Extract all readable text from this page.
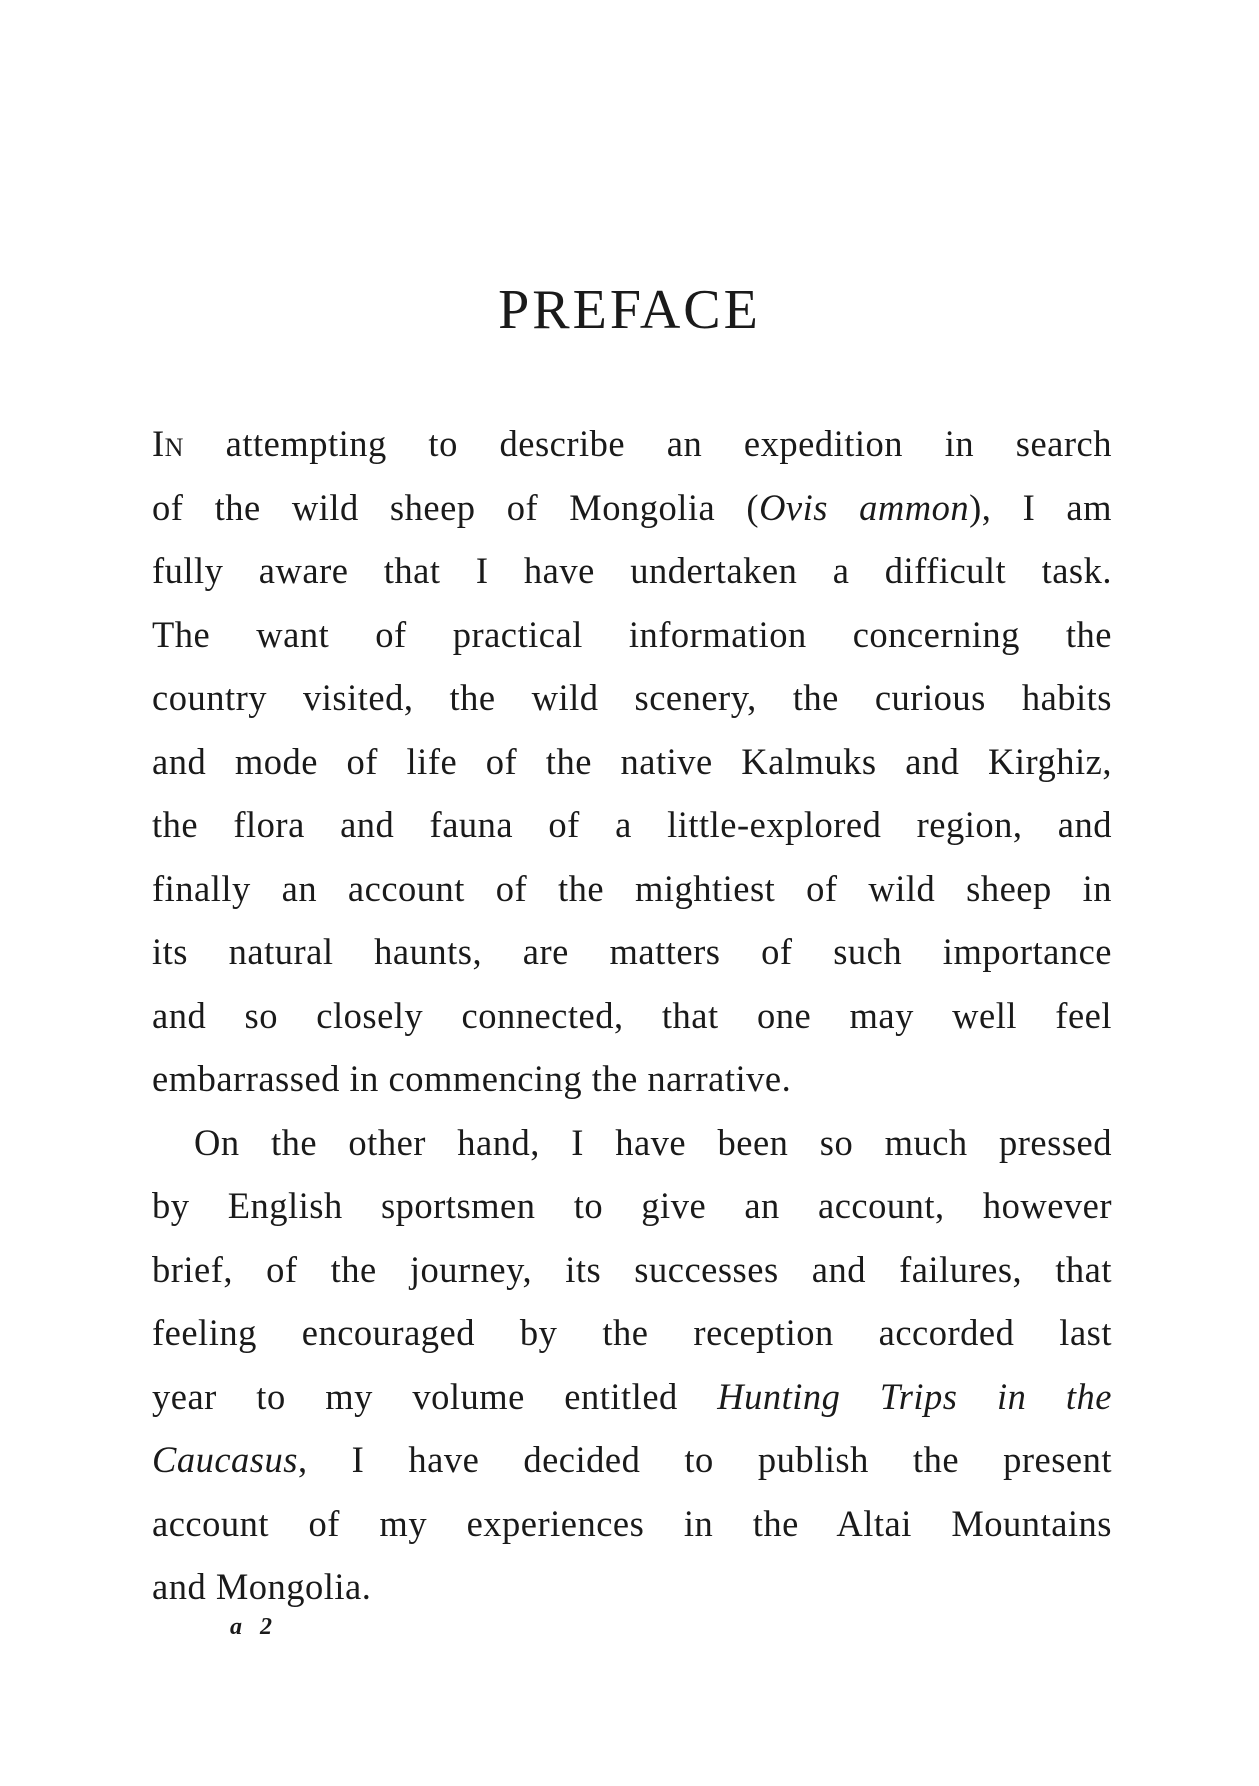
PREFACE
In attempting to describe an expedition in search
of the wild sheep of Mongolia (Ovis ammon), I am
fully aware that I have undertaken a difficult task.
The want of practical information concerning the
country visited, the wild scenery, the curious habits
and mode of life of the native Kalmuks and Kirghiz,
the flora and fauna of a little-explored region, and
finally an account of the mightiest of wild sheep in
its natural haunts, are matters of such importance
and so closely connected, that one may well feel
embarrassed in commencing the narrative.
On the other hand, I have been so much pressed
by English sportsmen to give an account, however
brief, of the journey, its successes and failures, that
feeling encouraged by the reception accorded last
year to my volume entitled Hunting Trips in the
Caucasus, I have decided to publish the present
account of my experiences in the Altai Mountains
and Mongolia.
a 2
